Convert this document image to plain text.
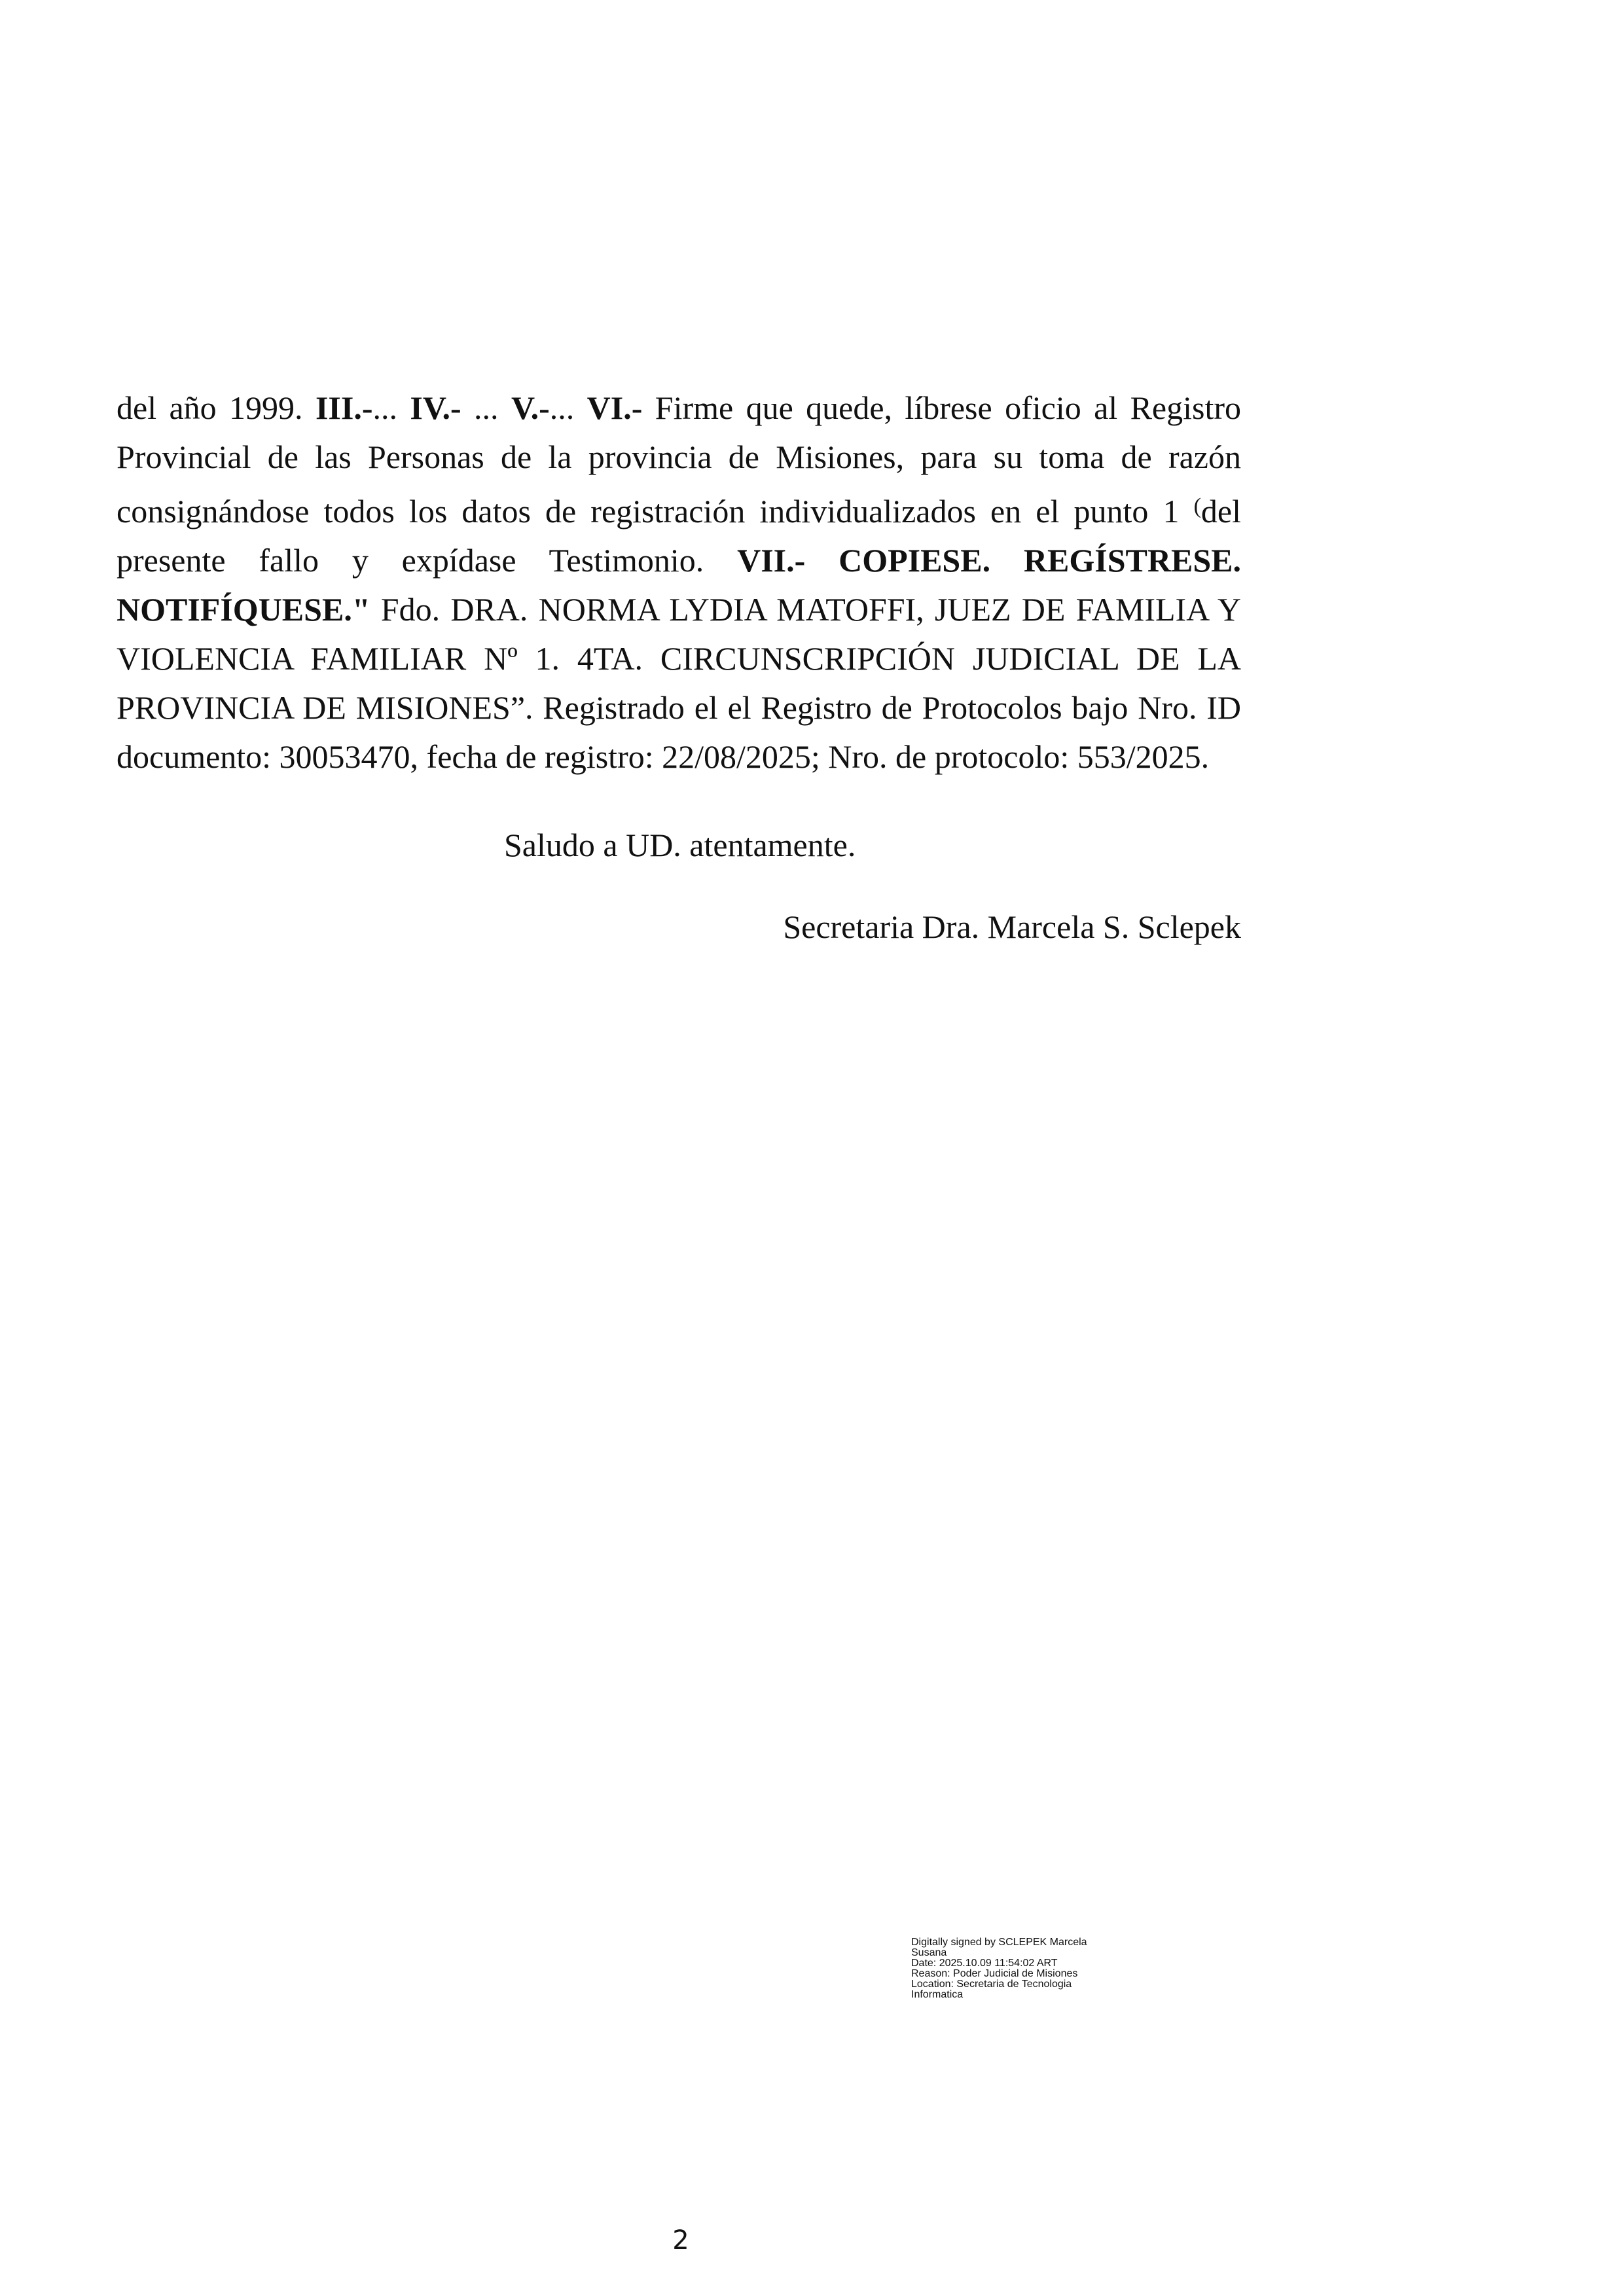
del año 1999. III.-... IV.- ... V.-... VI.- Firme que quede, líbrese oficio al Registro
Provincial de las Personas de la provincia de Misiones, para su toma de razón
consignándose todos los datos de registración individualizados en el punto 1 (del
presente fallo y expídase Testimonio. VII.- COPIESE. REGÍSTRESE.
NOTIFÍQUESE." Fdo. DRA. NORMA LYDIA MATOFFI, JUEZ DE FAMILIA Y
VIOLENCIA FAMILIAR Nº 1. 4TA. CIRCUNSCRIPCIÓN JUDICIAL DE LA
PROVINCIA DE MISIONES”. Registrado el el Registro de Protocolos bajo Nro. ID
documento: 30053470, fecha de registro: 22/08/2025; Nro. de protocolo: 553/2025.
Saludo a UD. atentamente.
Secretaria Dra. Marcela S. Sclepek
Digitally signed by SCLEPEK Marcela
Susana
Date: 2025.10.09 11:54:02 ART
Reason: Poder Judicial de Misiones
Location: Secretaria de Tecnologia
Informatica
2
